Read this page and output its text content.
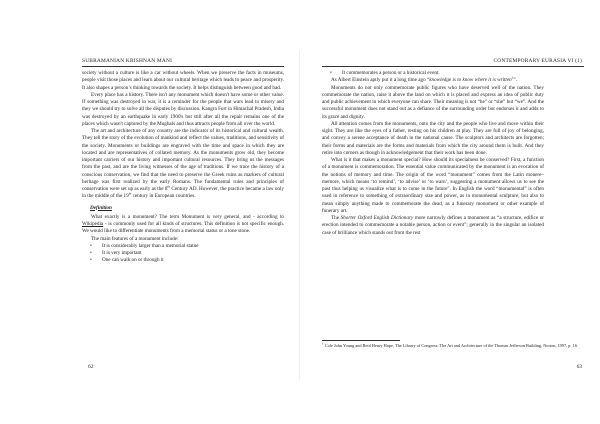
SUBRAMANIAN KRISHNAN MANI

society without a culture is like a car without wheels. When we preserve the facts in museums, people visit those places and learn about our cultural heritage which leads to peace and prosperity. It also shapes a person’s thinking towards the society. It helps distinguish between good and bad.

Every place has a history. There isn't any monument which doesn't have some or other value. If something was destroyed in war, it is a reminder for the people that wars lead to misery and they we should try to solve all the disputes by discussion. Kangra Fort in Himachal Pradesh, India was destroyed by an earthquake in early 1900's but still after all the repair remains one of the places which wasn't captured by the Mughals and thus attracts people from all over the world.

The art and architecture of any country are the indicator of its historical and cultural wealth. They tell the story of the evolution of mankind and reflect the values, traditions, and sensitivity of the society. Monuments or buildings are engraved with the time and space in which they are located and are representatives of collated memory. As the monuments grow old, they become important carriers of our history and important cultural resources. They bring us the messages from the past, and are the living witnesses of the age of traditions. If we trace the history of a conscious conservation, we find that the need to preserve the Greek ruins as markers of cultural heritage was first realized by the early Romans. The fundamental rules and principles of conservation were set up as early as the 8th Century AD. However, the practice became a law only in the middle of the 19th century in European countries.

Definition

What exactly is a monument? The term Monument is very general, and - according to Wikipedia - is commonly used for all kinds of structures. This definition is not specific enough. We would like to differentiate monuments from a memorial status or a tone stone.

The main features of a monument include:

• It is considerably larger than a memorial statue
• It is very important
• One can walk on or through it
62
CONTEMPORARY EURASIA VI (1)
• It commemorates a person or a historical event.

As Albert Einstein aptly put it a long time ago “knowledge is to know where it is written$^1$”.

Monuments do not only commemorate public figures who have deserved well of the nation. They commemorate the nation, raise it above the land on which it is placed and express an idea of public duty and public achievement in which everyone can share. Their meaning is not “he” or “she” but “we”. And the successful monument does not stand out as a defiance of the surrounding order but endorses it and adds to its grace and dignity.

All attention comes from the monuments, onto the city and the people who live and move within their sight. They are like the eyes of a father, resting on his children at play. They are full of joy of belonging, and convey a serene acceptance of death in the national cause. The sculptors and architects are forgotten; their forms and materials are the forms and materials from which the city around them is built. And they retire into corners as though in acknowledgement that their work has been done.

What is it that makes a monument special? How should its specialness be conserved? First, a function of a monument is commemoration. The essential value communicated by the monument is an evocation of the notions of memory and time. The origin of the word “monument” comes from the Latin monere–memore, which means ‘to remind’, ‘to advise’ or ‘to warn’, suggesting a monument allows us to see the past thus helping us visualize what is to come in the future". In English the word “monumental” is often used in reference to something of extraordinary size and power, as in monumental sculpture, but also to mean simply anything made to commemorate the dead, as a funerary monument or other example of funerary art.

The Shorter Oxford English Dictionary more narrowly defines a monument as “a structure, edifice or erection intended to commemorate a notable person, action or event”; generally in the singular an isolated case of brilliance which stands out from the rest

$^1$ Cole John Young and Reid Henry Hope, The Library of Congress: The Art and Architecture of the Thomas Jefferson Building, Norton, 1997, p. 16.
63
